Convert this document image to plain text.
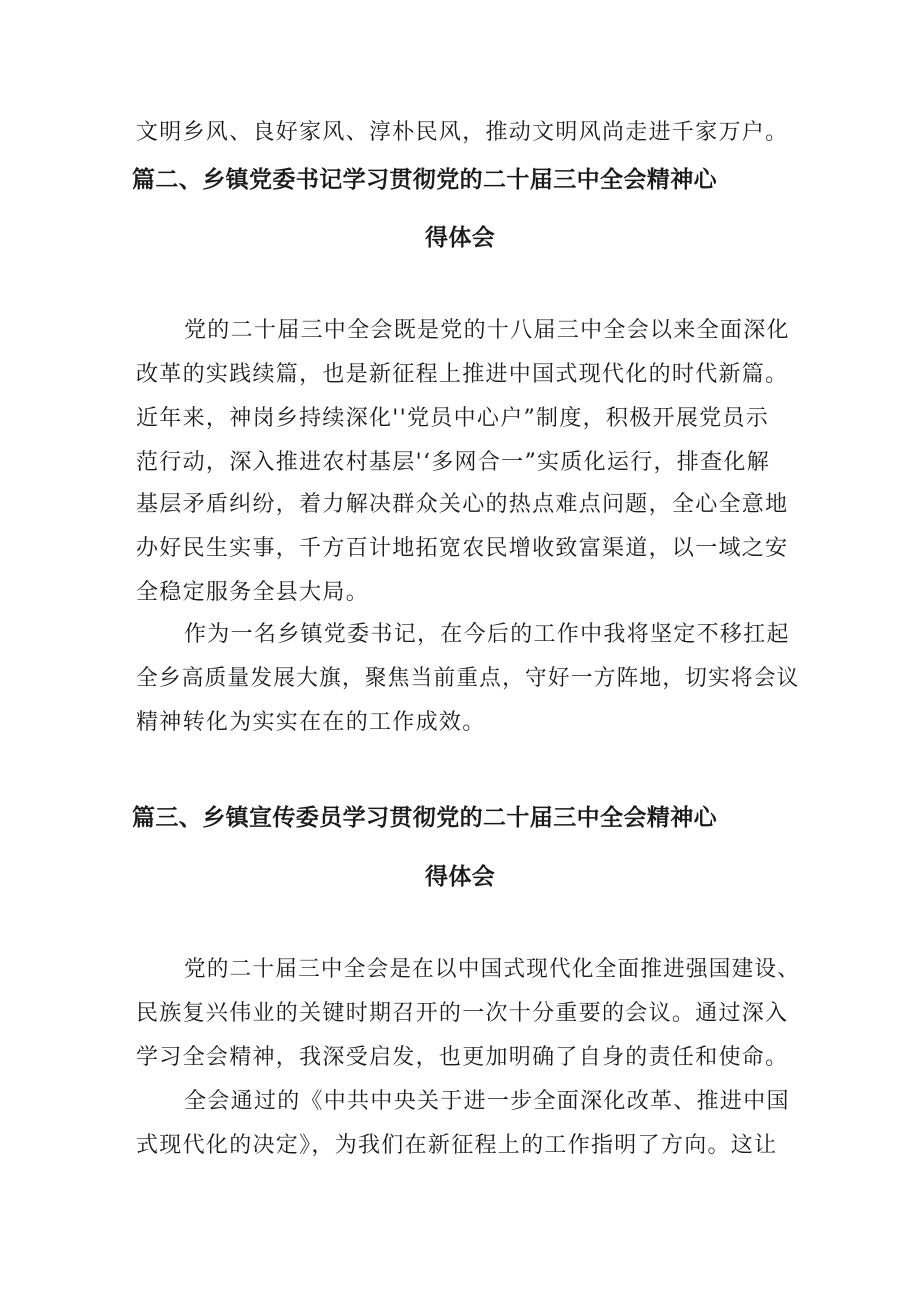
文明乡风、良好家风、淳朴民风，推动文明风尚走进千家万户。
篇二、乡镇党委书记学习贯彻党的二十届三中全会精神心
得体会
党的二十届三中全会既是党的十八届三中全会以来全面深化
改革的实践续篇，也是新征程上推进中国式现代化的时代新篇。
近年来，神岗乡持续深化''党员中心户”制度，积极开展党员示
范行动，深入推进农村基层'‘多网合一”实质化运行，排查化解
基层矛盾纠纷，着力解决群众关心的热点难点问题，全心全意地
办好民生实事，千方百计地拓宽农民增收致富渠道，以一域之安
全稳定服务全县大局。
作为一名乡镇党委书记，在今后的工作中我将坚定不移扛起
全乡高质量发展大旗，聚焦当前重点，守好一方阵地，切实将会议
精神转化为实实在在的工作成效。
篇三、乡镇宣传委员学习贯彻党的二十届三中全会精神心
得体会
党的二十届三中全会是在以中国式现代化全面推进强国建设、
民族复兴伟业的关键时期召开的一次十分重要的会议。通过深入
学习全会精神，我深受启发，也更加明确了自身的责任和使命。
全会通过的《中共中央关于进一步全面深化改革、推进中国
式现代化的决定》，为我们在新征程上的工作指明了方向。这让
